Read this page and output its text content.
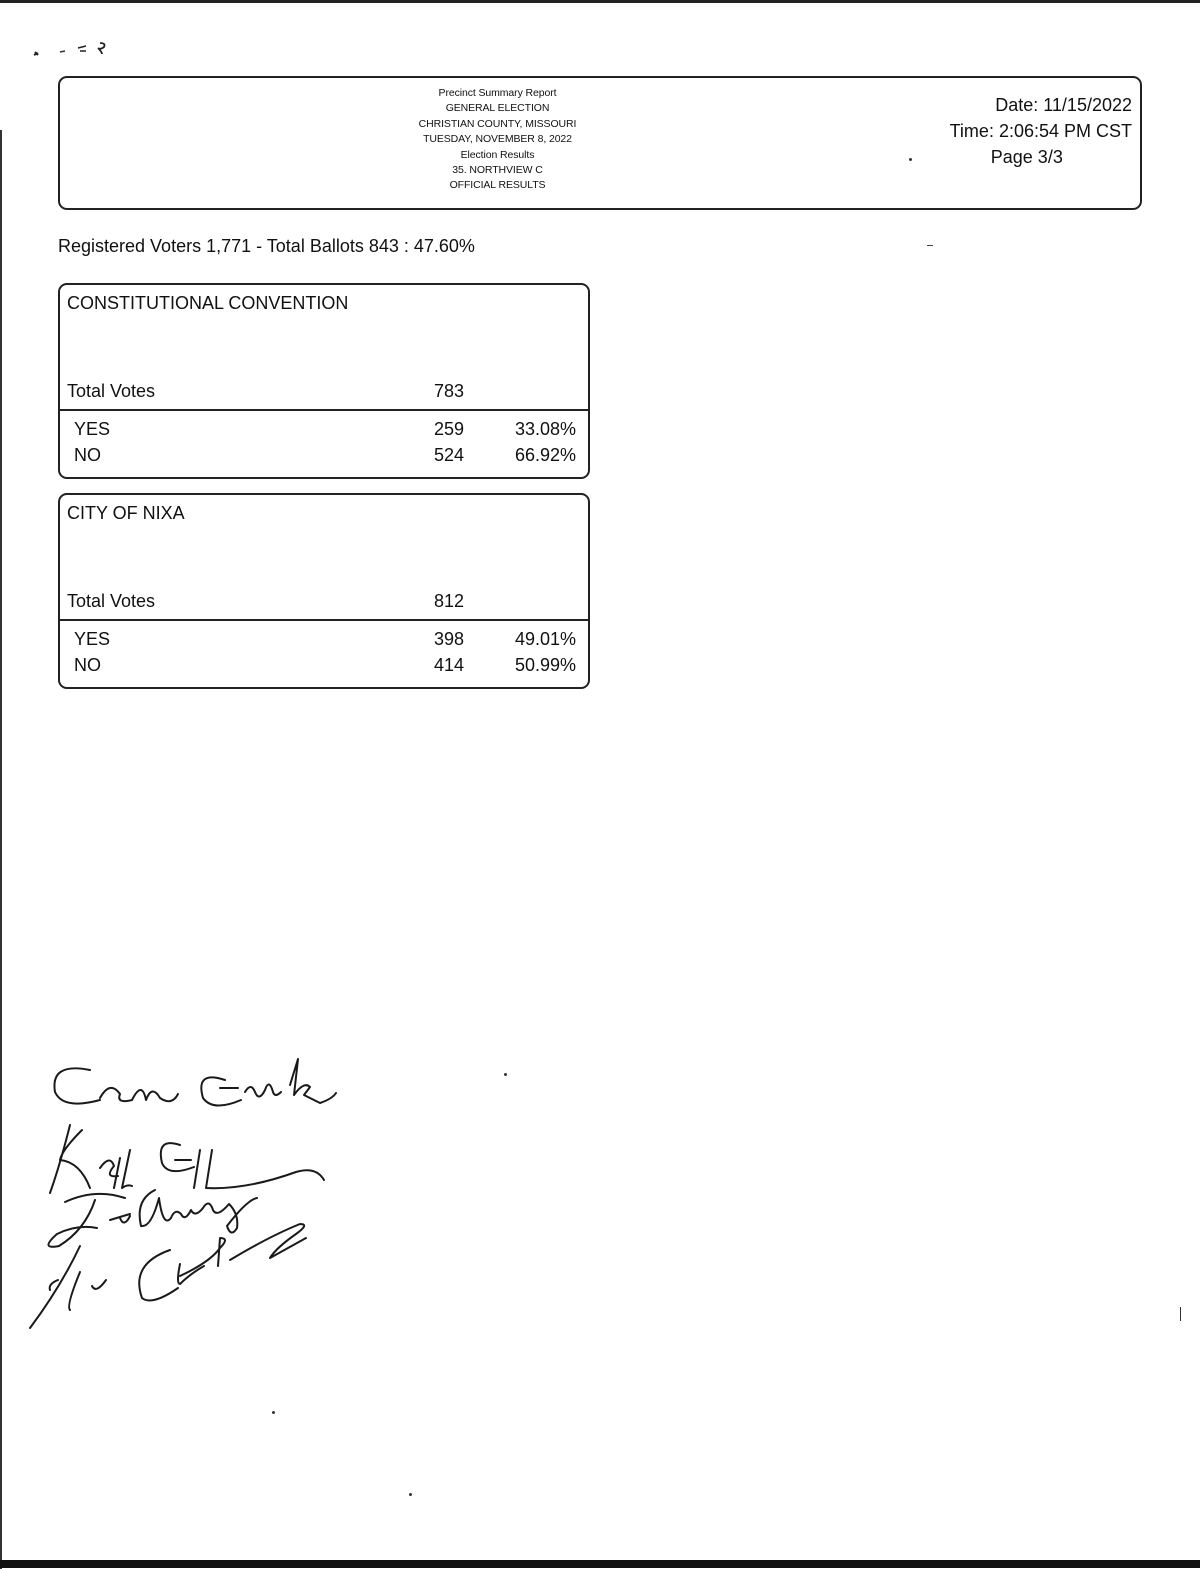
Precinct Summary Report
GENERAL ELECTION
CHRISTIAN COUNTY, MISSOURI
TUESDAY, NOVEMBER 8, 2022
Election Results
35. NORTHVIEW C
OFFICIAL RESULTS
Date: 11/15/2022
Time: 2:06:54 PM CST
Page 3/3
Registered Voters 1,771 - Total Ballots 843 : 47.60%
CONSTITUTIONAL CONVENTION
Total Votes	783
YES	259	33.08%
NO	524	66.92%
CITY OF NIXA
Total Votes	812
YES	398	49.01%
NO	414	50.99%
